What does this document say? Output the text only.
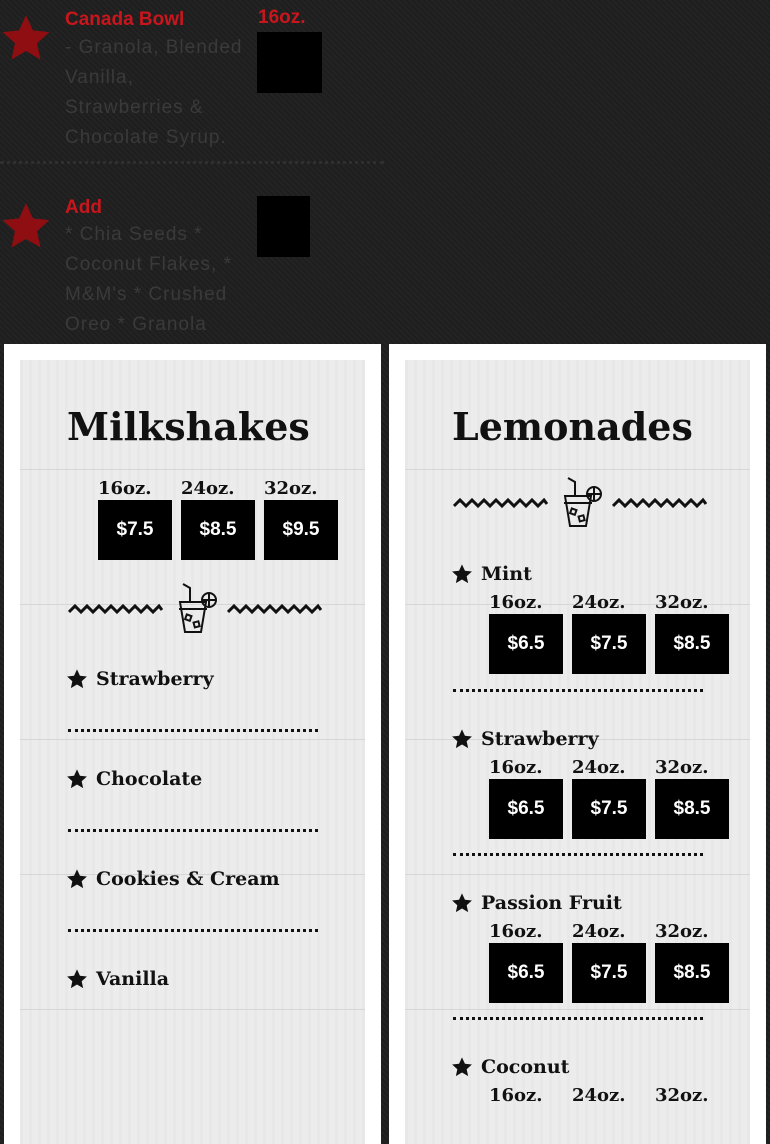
Canada Bowl
- Granola, Blended Vanilla, Strawberries & Chocolate Syrup.
16oz.
Add
* Chia Seeds * Coconut Flakes, * M&M's * Crushed Oreo * Granola
Milkshakes
16oz.
$7.5
24oz.
$8.5
32oz.
$9.5
Strawberry
Chocolate
Cookies & Cream
Vanilla
Lemonades
Mint
16oz.
$6.5
24oz.
$7.5
32oz.
$8.5
Strawberry
16oz.
$6.5
24oz.
$7.5
32oz.
$8.5
Passion Fruit
16oz.
$6.5
24oz.
$7.5
32oz.
$8.5
Coconut
16oz.	24oz.	32oz.
